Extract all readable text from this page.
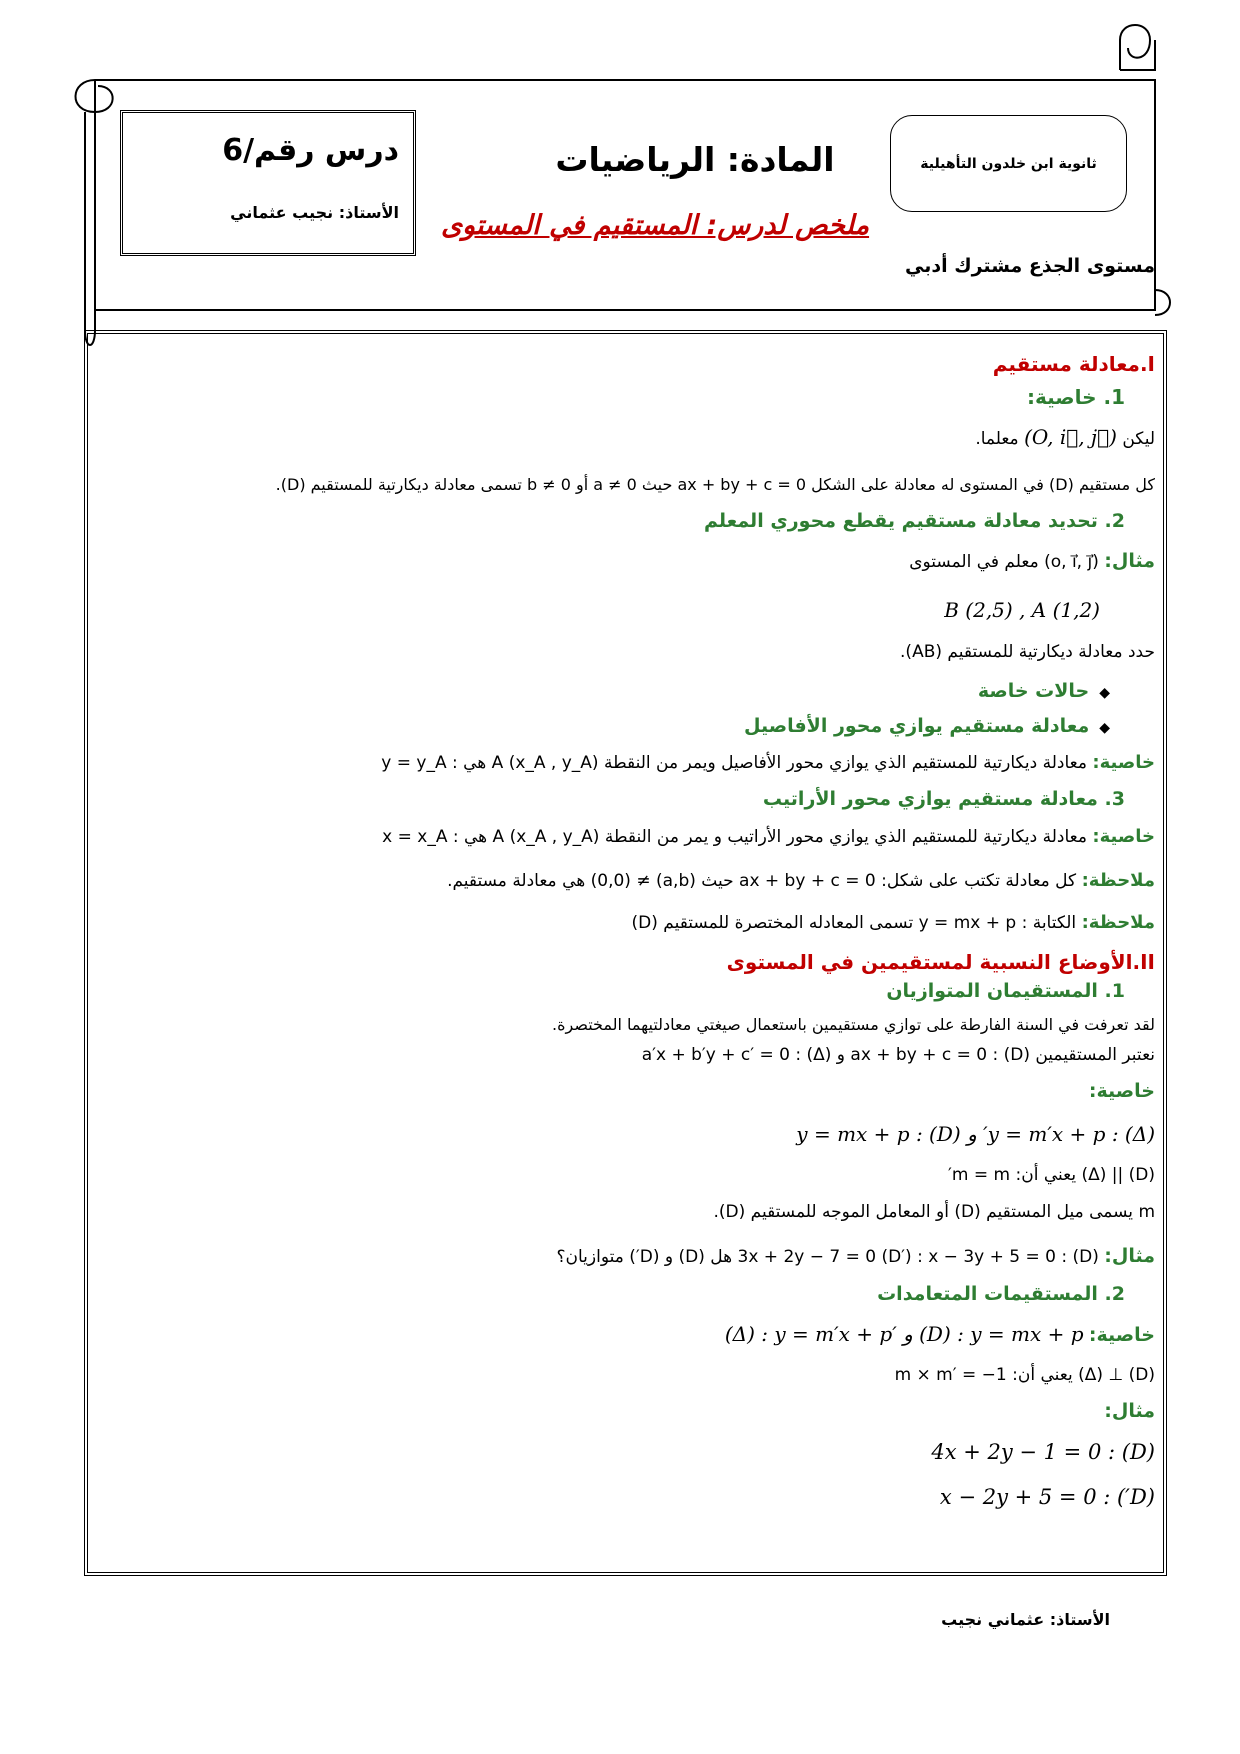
درس رقم/6
الأستاذ: نجيب عثماني
المادة: الرياضيات
ملخص لدرس: المستقيم في المستوى
ثانوية ابن خلدون التأهيلية
مستوى الجذع مشترك أدبي
I.معادلة مستقيم
1. خاصية:
ليكن (O, i⃗, j⃗) معلما.
كل مستقيم (D) في المستوى له معادلة على الشكل ax + by + c = 0 حيث a ≠ 0 أو b ≠ 0 تسمى معادلة ديكارتية للمستقيم (D).
2. تحديد معادلة مستقيم يقطع محوري المعلم
مثال: (o, i⃗, j⃗) معلم في المستوى
B (2,5) , A (1,2)
حدد معادلة ديكارتية للمستقيم (AB).
◆حالات خاصة
◆معادلة مستقيم يوازي محور الأفاصيل
خاصية: معادلة ديكارتية للمستقيم الذي يوازي محور الأفاصيل ويمر من النقطة A (x_A , y_A) هي : y = y_A
3. معادلة مستقيم يوازي محور الأراتيب
خاصية: معادلة ديكارتية للمستقيم الذي يوازي محور الأراتيب و يمر من النقطة A (x_A , y_A) هي : x = x_A
ملاحظة: كل معادلة تكتب على شكل: ax + by + c = 0 حيث (a,b) ≠ (0,0) هي معادلة مستقيم.
ملاحظة: الكتابة : y = mx + p تسمى المعادله المختصرة للمستقيم (D)
II.الأوضاع النسبية لمستقيمين في المستوى
1. المستقيمان المتوازيان
لقد تعرفت في السنة الفارطة على توازي مستقيمين باستعمال صيغتي معادلتيهما المختصرة.
نعتبر المستقيمين (D) : ax + by + c = 0 و (Δ) : a′x + b′y + c′ = 0
خاصية:
(Δ) : y = m′x + p′ و (D) : y = mx + p
(D) || (Δ) يعني أن: m = m′
m يسمى ميل المستقيم (D) أو المعامل الموجه للمستقيم (D).
مثال: (D) : 3x + 2y − 7 = 0 (D′) : x − 3y + 5 = 0 هل (D) و (D′) متوازيان؟
2. المستقيمات المتعامدات
خاصية: (Δ) : y = m′x + p′ و (D) : y = mx + p
(D) ⊥ (Δ) يعني أن: m × m′ = −1
مثال:
(D) : 4x + 2y − 1 = 0
(D′) : x − 2y + 5 = 0
الأستاذ: عثماني نجيب
